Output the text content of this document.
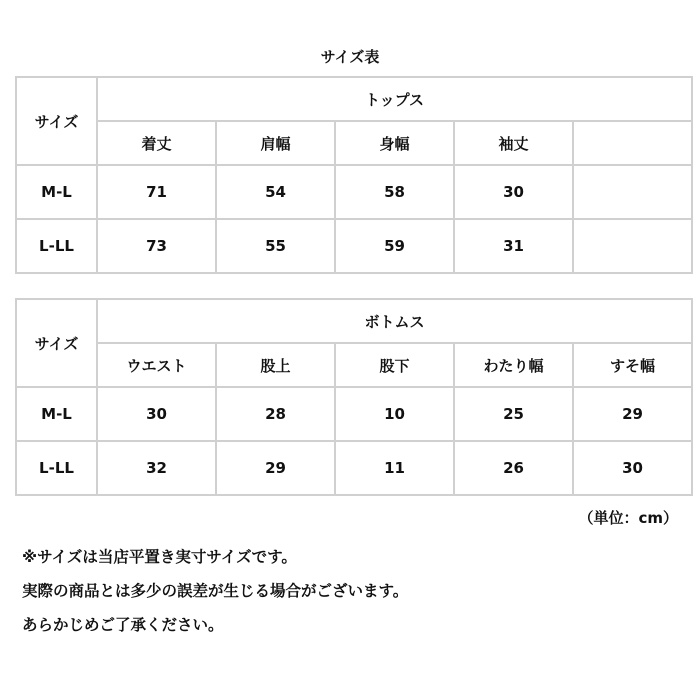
サイズ表
サイズ	トップス				
	着丈	肩幅	身幅	袖丈	
M-L	71	54	58	30	
L-LL	73	55	59	31	
サイズ	ボトムス				
	ウエスト	股上	股下	わたり幅	すそ幅
M-L	30	28	10	25	29
L-LL	32	29	11	26	30
（単位：cm）
※サイズは当店平置き実寸サイズです。
実際の商品とは多少の誤差が生じる場合がございます。
あらかじめご了承ください。
